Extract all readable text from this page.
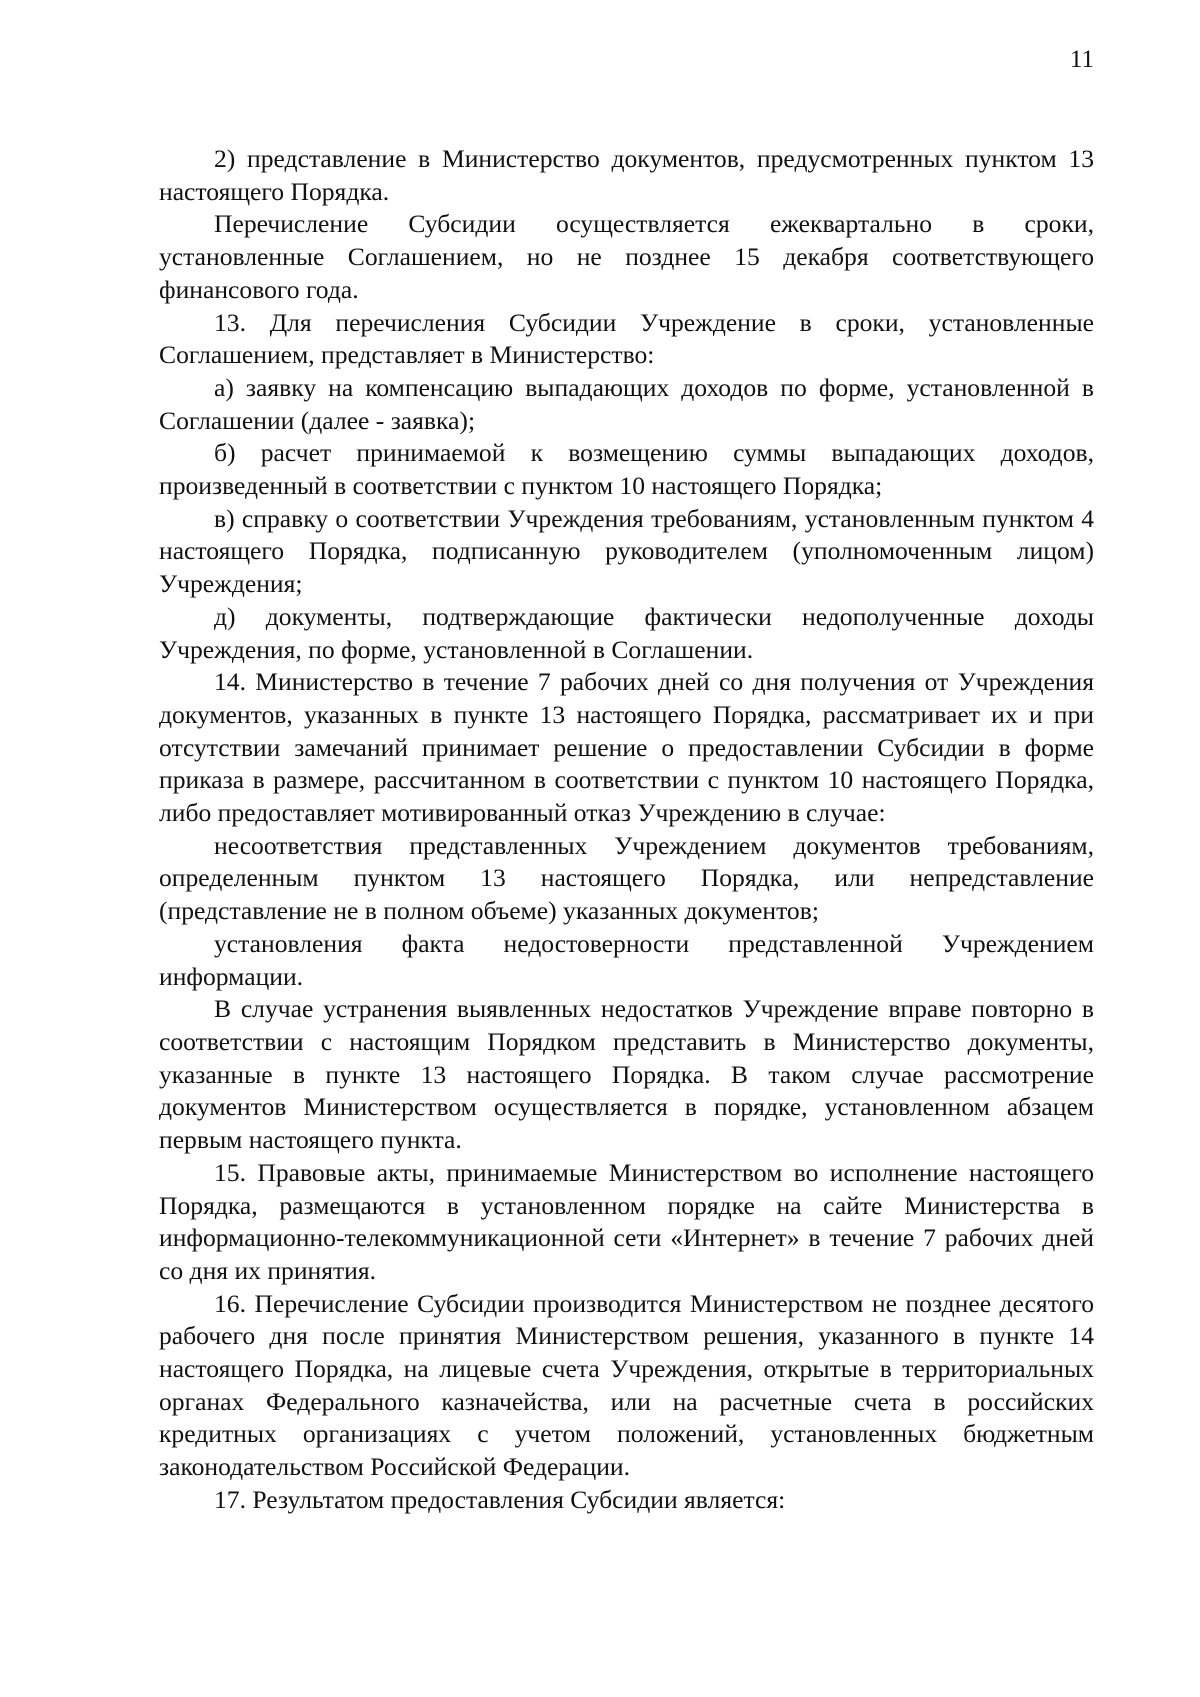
11

2) представление в Министерство документов, предусмотренных пунктом 13 настоящего Порядка.

Перечисление Субсидии осуществляется ежеквартально в сроки, установленные Соглашением, но не позднее 15 декабря соответствующего финансового года.

13. Для перечисления Субсидии Учреждение в сроки, установленные Соглашением, представляет в Министерство:

а) заявку на компенсацию выпадающих доходов по форме, установленной в Соглашении (далее - заявка);

б) расчет принимаемой к возмещению суммы выпадающих доходов, произведенный в соответствии с пунктом 10 настоящего Порядка;

в) справку о соответствии Учреждения требованиям, установленным пунктом 4 настоящего Порядка, подписанную руководителем (уполномоченным лицом) Учреждения;

д) документы, подтверждающие фактически недополученные доходы Учреждения, по форме, установленной в Соглашении.

14. Министерство в течение 7 рабочих дней со дня получения от Учреждения документов, указанных в пункте 13 настоящего Порядка, рассматривает их и при отсутствии замечаний принимает решение о предоставлении Субсидии в форме приказа в размере, рассчитанном в соответствии с пунктом 10 настоящего Порядка, либо предоставляет мотивированный отказ Учреждению в случае:

несоответствия представленных Учреждением документов требованиям, определенным пунктом 13 настоящего Порядка, или непредставление (представление не в полном объеме) указанных документов;

установления факта недостоверности представленной Учреждением информации.

В случае устранения выявленных недостатков Учреждение вправе повторно в соответствии с настоящим Порядком представить в Министерство документы, указанные в пункте 13 настоящего Порядка. В таком случае рассмотрение документов Министерством осуществляется в порядке, установленном абзацем первым настоящего пункта.

15. Правовые акты, принимаемые Министерством во исполнение настоящего Порядка, размещаются в установленном порядке на сайте Министерства в информационно-телекоммуникационной сети «Интернет» в течение 7 рабочих дней со дня их принятия.

16. Перечисление Субсидии производится Министерством не позднее десятого рабочего дня после принятия Министерством решения, указанного в пункте 14 настоящего Порядка, на лицевые счета Учреждения, открытые в территориальных органах Федерального казначейства, или на расчетные счета в российских кредитных организациях с учетом положений, установленных бюджетным законодательством Российской Федерации.

17. Результатом предоставления Субсидии является:
